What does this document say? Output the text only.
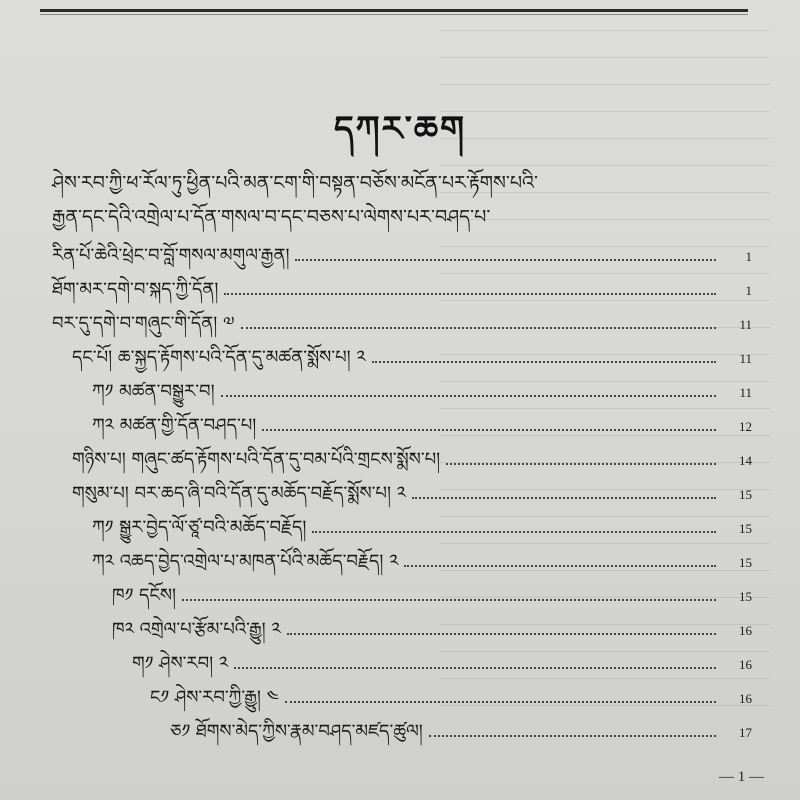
དཀར་ཆག
ཤེས་རབ་ཀྱི་ཕ་རོལ་ཏུ་ཕྱིན་པའི་མན་ངག་གི་བསྟན་བཅོས་མངོན་པར་རྟོགས་པའི་
རྒྱན་དང་དེའི་འགྲེལ་པ་དོན་གསལ་བ་དང་བཅས་པ་ལེགས་པར་བཤད་པ་
རིན་པོ་ཆེའི་ཕྲེང་བ་བློ་གསལ་མགུལ་རྒྱན།	1
ཐོག་མར་དགེ་བ་སྐད་ཀྱི་དོན།	1
བར་དུ་དགེ་བ་གཞུང་གི་དོན། ༧	11
དང་པོ། ཆ་སྐྱད་རྟོགས་པའི་དོན་དུ་མཚན་སྨོས་པ། ༢	11
ཀ༡ མཚན་བསྒྱུར་བ།	11
ཀ༢ མཚན་གྱི་དོན་བཤད་པ།	12
གཉིས་པ། གཞུང་ཚད་རྟོགས་པའི་དོན་དུ་བམ་པོའི་གྲངས་སྨོས་པ།	14
གསུམ་པ། བར་ཆད་ཞི་བའི་དོན་དུ་མཆོད་བརྗོད་སྨོས་པ། ༢	15
ཀ༡ སྒྱུར་བྱེད་ལོ་ཙཱ་བའི་མཆོད་བརྗོད།	15
ཀ༢ འཆད་བྱེད་འགྲེལ་པ་མཁན་པོའི་མཆོད་བརྗོད། ༢	15
ཁ༡ དངོས།	15
ཁ༢ འགྲེལ་པ་རྩོམ་པའི་རྒྱུ། ༢	16
ག༡ ཤེས་རབ། ༢	16
ང༡ ཤེས་རབ་ཀྱི་རྒྱུ། ༤	16
ཅ༡ ཐོགས་མེད་ཀྱིས་རྣམ་བཤད་མཛད་ཚུལ།	17
— 1 —
